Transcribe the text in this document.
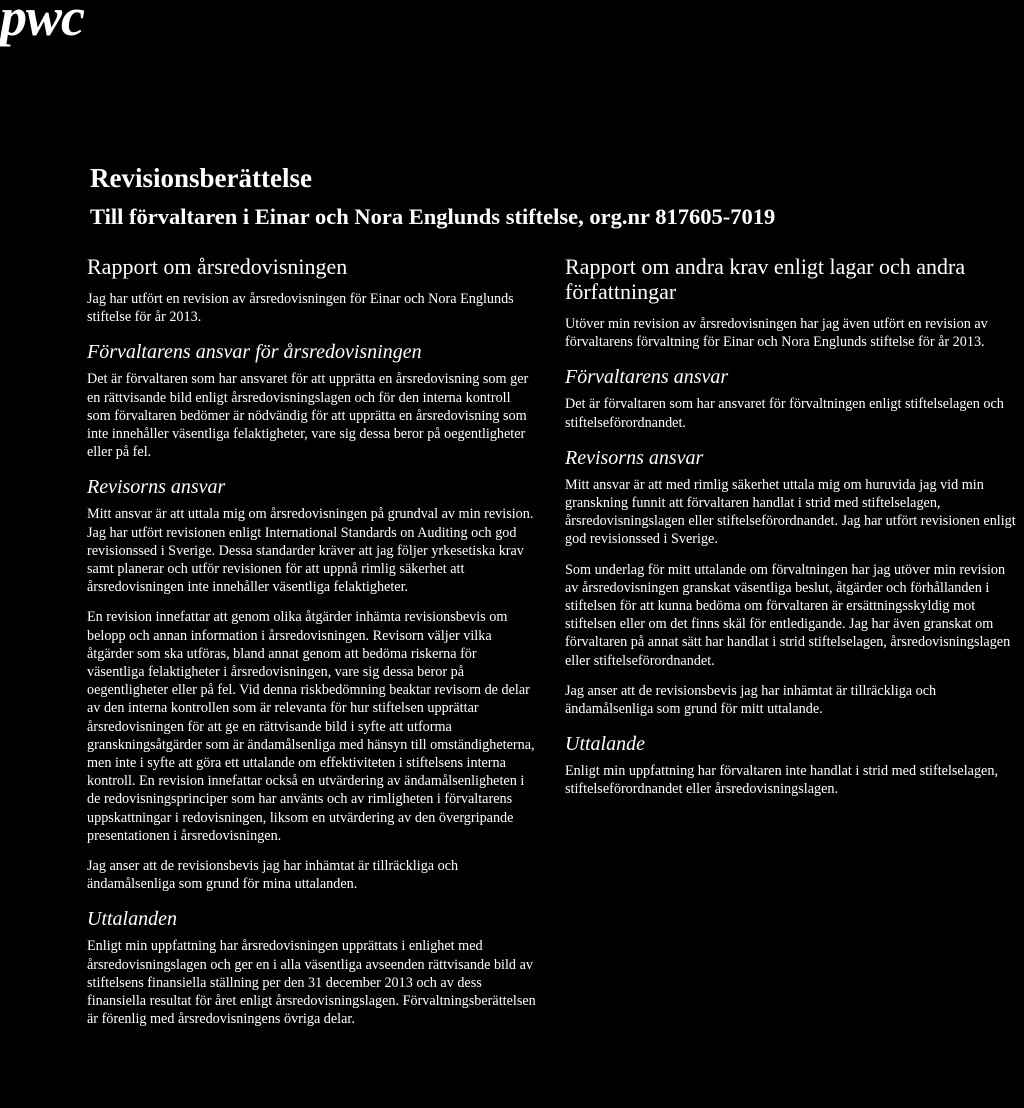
pwc
Revisionsberättelse
Till förvaltaren i Einar och Nora Englunds stiftelse, org.nr 817605-7019
Rapport om årsredovisningen

Jag har utfört en revision av årsredovisningen för Einar och Nora Englunds stiftelse för år 2013.

Förvaltarens ansvar för årsredovisningen

Det är förvaltaren som har ansvaret för att upprätta en årsredovisning som ger en rättvisande bild enligt årsredovisningslagen och för den interna kontroll som förvaltaren bedömer är nödvändig för att upprätta en årsredovisning som inte innehåller väsentliga felaktigheter, vare sig dessa beror på oegentligheter eller på fel.

Revisorns ansvar

Mitt ansvar är att uttala mig om årsredovisningen på grundval av min revision. Jag har utfört revisionen enligt International Standards on Auditing och god revisionssed i Sverige. Dessa standarder kräver att jag följer yrkesetiska krav samt planerar och utför revisionen för att uppnå rimlig säkerhet att årsredovisningen inte innehåller väsentliga felaktigheter.

En revision innefattar att genom olika åtgärder inhämta revisionsbevis om belopp och annan information i årsredovisningen. Revisorn väljer vilka åtgärder som ska utföras, bland annat genom att bedöma riskerna för väsentliga felaktigheter i årsredovisningen, vare sig dessa beror på oegentligheter eller på fel. Vid denna riskbedömning beaktar revisorn de delar av den interna kontrollen som är relevanta för hur stiftelsen upprättar årsredovisningen för att ge en rättvisande bild i syfte att utforma granskningsåtgärder som är ändamålsenliga med hänsyn till omständigheterna, men inte i syfte att göra ett uttalande om effektiviteten i stiftelsens interna kontroll. En revision innefattar också en utvärdering av ändamålsenligheten i de redovisningsprinciper som har använts och av rimligheten i förvaltarens uppskattningar i redovisningen, liksom en utvärdering av den övergripande presentationen i årsredovisningen.

Jag anser att de revisionsbevis jag har inhämtat är tillräckliga och ändamålsenliga som grund för mina uttalanden.

Uttalanden

Enligt min uppfattning har årsredovisningen upprättats i enlighet med årsredovisningslagen och ger en i alla väsentliga avseenden rättvisande bild av stiftelsens finansiella ställning per den 31 december 2013 och av dess finansiella resultat för året enligt årsredovisningslagen. Förvaltningsberättelsen är förenlig med årsredovisningens övriga delar.

Rapport om andra krav enligt lagar och andra författningar

Utöver min revision av årsredovisningen har jag även utfört en revision av förvaltarens förvaltning för Einar och Nora Englunds stiftelse för år 2013.

Förvaltarens ansvar

Det är förvaltaren som har ansvaret för förvaltningen enligt stiftelselagen och stiftelseförordnandet.

Revisorns ansvar

Mitt ansvar är att med rimlig säkerhet uttala mig om huruvida jag vid min granskning funnit att förvaltaren handlat i strid med stiftelselagen, årsredovisningslagen eller stiftelseförordnandet. Jag har utfört revisionen enligt god revisionssed i Sverige.

Som underlag för mitt uttalande om förvaltningen har jag utöver min revision av årsredovisningen granskat väsentliga beslut, åtgärder och förhållanden i stiftelsen för att kunna bedöma om förvaltaren är ersättningsskyldig mot stiftelsen eller om det finns skäl för entledigande. Jag har även granskat om förvaltaren på annat sätt har handlat i strid stiftelselagen, årsredovisningslagen eller stiftelseförordnandet.

Jag anser att de revisionsbevis jag har inhämtat är tillräckliga och ändamålsenliga som grund för mitt uttalande.

Uttalande

Enligt min uppfattning har förvaltaren inte handlat i strid med stiftelselagen, stiftelseförordnandet eller årsredovisningslagen.
